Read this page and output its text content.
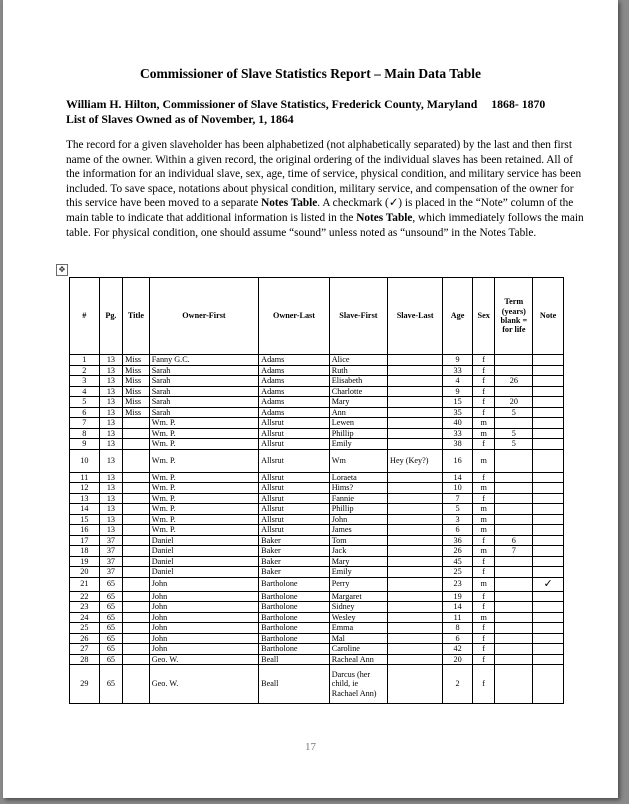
Commissioner of Slave Statistics Report – Main Data Table
William H. Hilton, Commissioner of Slave Statistics, Frederick County, Maryland 1868- 1870
List of Slaves Owned as of November, 1, 1864
The record for a given slaveholder has been alphabetized (not alphabetically separated) by the last and then first name of the owner. Within a given record, the original ordering of the individual slaves has been retained. All of the information for an individual slave, sex, age, time of service, physical condition, and military service has been included. To save space, notations about physical condition, military service, and compensation of the owner for this service have been moved to a separate Notes Table. A checkmark (✓) is placed in the “Note” column of the main table to indicate that additional information is listed in the Notes Table, which immediately follows the main table. For physical condition, one should assume “sound” unless noted as “unsound” in the Notes Table.
✥
#	Pg.	Title	Owner-First	Owner-Last	Slave-First	Slave-Last	Age	Sex	Term (years) blank = for life	Note
1	13	Miss	Fanny G.C.	Adams	Alice		9	f		
2	13	Miss	Sarah	Adams	Ruth		33	f		
3	13	Miss	Sarah	Adams	Elisabeth		4	f	26	
4	13	Miss	Sarah	Adams	Charlotte		9	f		
5	13	Miss	Sarah	Adams	Mary		15	f	20	
6	13	Miss	Sarah	Adams	Ann		35	f	5	
7	13		Wm. P.	Allsrut	Lewen		40	m		
8	13		Wm. P.	Allsrut	Phillip		33	m	5	
9	13		Wm. P.	Allsrut	Emily		38	f	5	
10	13		Wm. P.	Allsrut	Wm	Hey (Key?)	16	m		
11	13		Wm. P.	Allsrut	Loraeta		14	f		
12	13		Wm. P.	Allsrut	Hims?		10	m		
13	13		Wm. P.	Allsrut	Fannie		7	f		
14	13		Wm. P.	Allsrut	Phillip		5	m		
15	13		Wm. P.	Allsrut	John		3	m		
16	13		Wm. P.	Allsrut	James		6	m		
17	37		Daniel	Baker	Tom		36	f	6	
18	37		Daniel	Baker	Jack		26	m	7	
19	37		Daniel	Baker	Mary		45	f		
20	37		Daniel	Baker	Emily		25	f		
21	65		John	Bartholone	Perry		23	m		✓
22	65		John	Bartholone	Margaret		19	f		
23	65		John	Bartholone	Sidney		14	f		
24	65		John	Bartholone	Wesley		11	m		
25	65		John	Bartholone	Emma		8	f		
26	65		John	Bartholone	Mal		6	f		
27	65		John	Bartholone	Caroline		42	f		
28	65		Geo. W.	Beall	Racheal Ann		20	f		
29	65		Geo. W.	Beall	Darcus (her child, ie Rachael Ann)		2	f		
17
